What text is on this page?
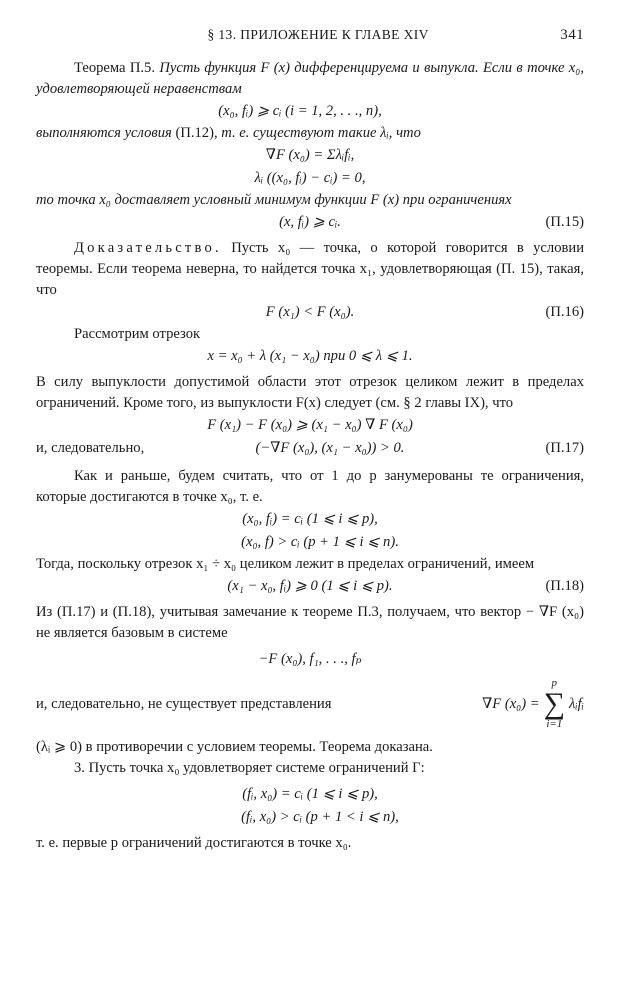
§ 13. ПРИЛОЖЕНИЕ К ГЛАВЕ XIV	341

Теорема П.5. Пусть функция F (x) дифференцируема и выпукла. Если в точке x₀, удовлетворяющей неравенствам

(x₀, fᵢ) ⩾ cᵢ (i = 1, 2, . . ., n),

выполняются условия (П.12), т. е. существуют такие λᵢ, что

∇F (x₀) = Σλᵢfᵢ,
λᵢ ((x₀, fᵢ) − cᵢ) = 0,

то точка x₀ доставляет условный минимум функции F (x) при ограничениях

(x, fᵢ) ⩾ cᵢ.	(П.15)

Доказательство. Пусть x₀ — точка, о которой говорится в условии теоремы. Если теорема неверна, то найдется точка x₁, удовлетворяющая (П. 15), такая, что

F (x₁) < F (x₀).	(П.16)

Рассмотрим отрезок

x = x₀ + λ (x₁ − x₀) при 0 ⩽ λ ⩽ 1.

В силу выпуклости допустимой области этот отрезок целиком лежит в пределах ограничений. Кроме того, из выпуклости F(x) следует (см. § 2 главы IX), что

F (x₁) − F (x₀) ⩾ (x₁ − x₀) ∇ F (x₀)
и, следовательно,	(−∇F (x₀), (x₁ − x₀)) > 0.	(П.17)

Как и раньше, будем считать, что от 1 до p занумерованы те ограничения, которые достигаются в точке x₀, т. е.

(x₀, fᵢ) = cᵢ (1 ⩽ i ⩽ p),
(x₀, f) > cᵢ (p + 1 ⩽ i ⩽ n).

Тогда, поскольку отрезок x₁ ÷ x₀ целиком лежит в пределах ограничений, имеем

(x₁ − x₀, fᵢ) ⩾ 0 (1 ⩽ i ⩽ p).	(П.18)

Из (П.17) и (П.18), учитывая замечание к теореме П.3, получаем, что вектор − ∇F (x₀) не является базовым в системе

−F (x₀), f₁, . . ., fₚ
и, следовательно, не существует представления	∇F (x₀) =
p
∑
i=1
λᵢfᵢ

(λᵢ ⩾ 0) в противоречии с условием теоремы. Теорема доказана.

3. Пусть точка x₀ удовлетворяет системе ограничений Γ:

(fᵢ, x₀) = cᵢ (1 ⩽ i ⩽ p),
(fᵢ, x₀) > cᵢ (p + 1 < i ⩽ n),

т. е. первые p ограничений достигаются в точке x₀.
